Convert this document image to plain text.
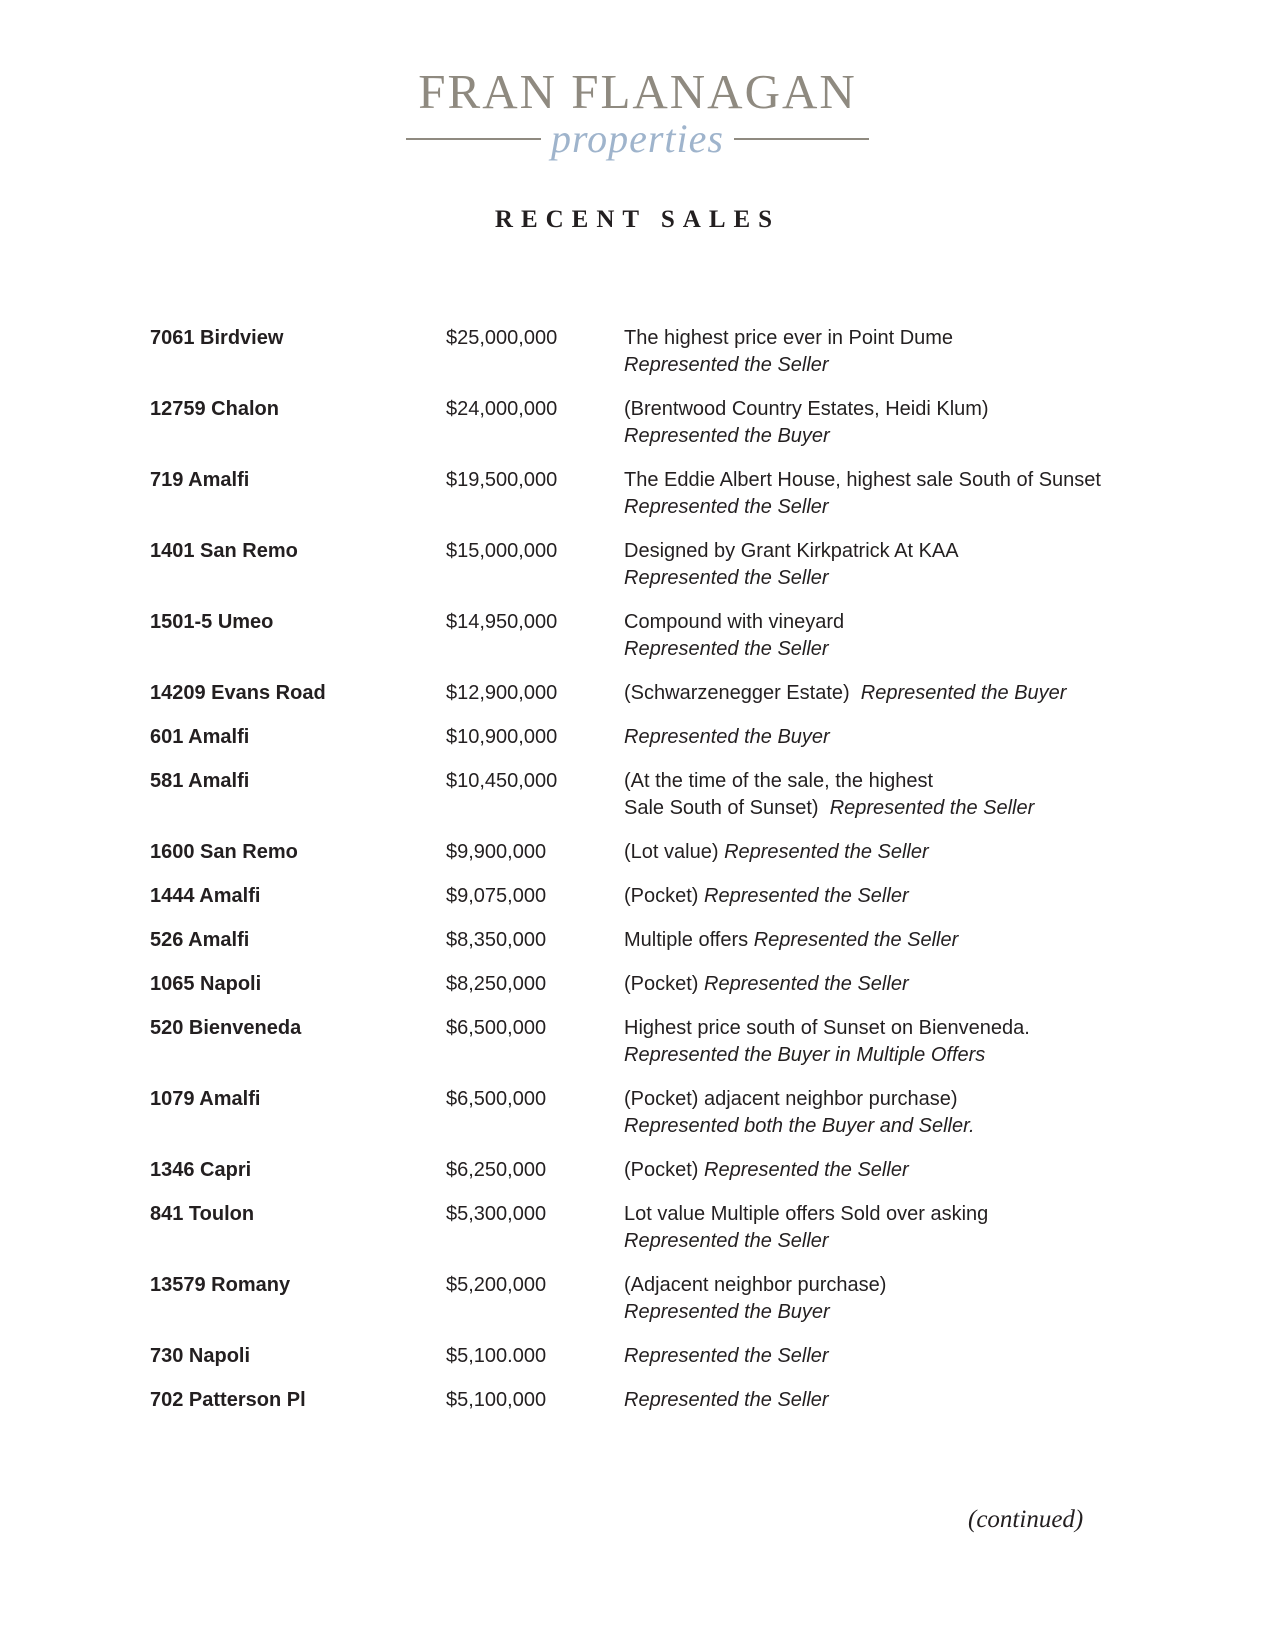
FRAN FLANAGAN
properties
RECENT SALES
7061 Birdview	$25,000,000	The highest price ever in Point Dume
Represented the Seller
12759 Chalon	$24,000,000	(Brentwood Country Estates, Heidi Klum)
Represented the Buyer
719 Amalfi	$19,500,000	The Eddie Albert House, highest sale South of Sunset
Represented the Seller
1401 San Remo	$15,000,000	Designed by Grant Kirkpatrick At KAA
Represented the Seller
1501-5 Umeo	$14,950,000	Compound with vineyard
Represented the Seller
14209 Evans Road	$12,900,000	(Schwarzenegger Estate)  Represented the Buyer
601 Amalfi	$10,900,000	Represented the Buyer
581 Amalfi	$10,450,000	(At the time of the sale, the highest
Sale South of Sunset)  Represented the Seller
1600 San Remo	$9,900,000	(Lot value) Represented the Seller
1444 Amalfi	$9,075,000	(Pocket) Represented the Seller
526 Amalfi	$8,350,000	Multiple offers Represented the Seller
1065 Napoli	$8,250,000	(Pocket) Represented the Seller
520 Bienveneda	$6,500,000	Highest price south of Sunset on Bienveneda.
Represented the Buyer in Multiple Offers
1079 Amalfi	$6,500,000	(Pocket) adjacent neighbor purchase)
Represented both the Buyer and Seller.
1346 Capri	$6,250,000	(Pocket) Represented the Seller
841 Toulon	$5,300,000	Lot value Multiple offers Sold over asking
Represented the Seller
13579 Romany	$5,200,000	(Adjacent neighbor purchase)
Represented the Buyer
730 Napoli	$5,100.000	Represented the Seller
702 Patterson Pl	$5,100,000	Represented the Seller
(continued)
